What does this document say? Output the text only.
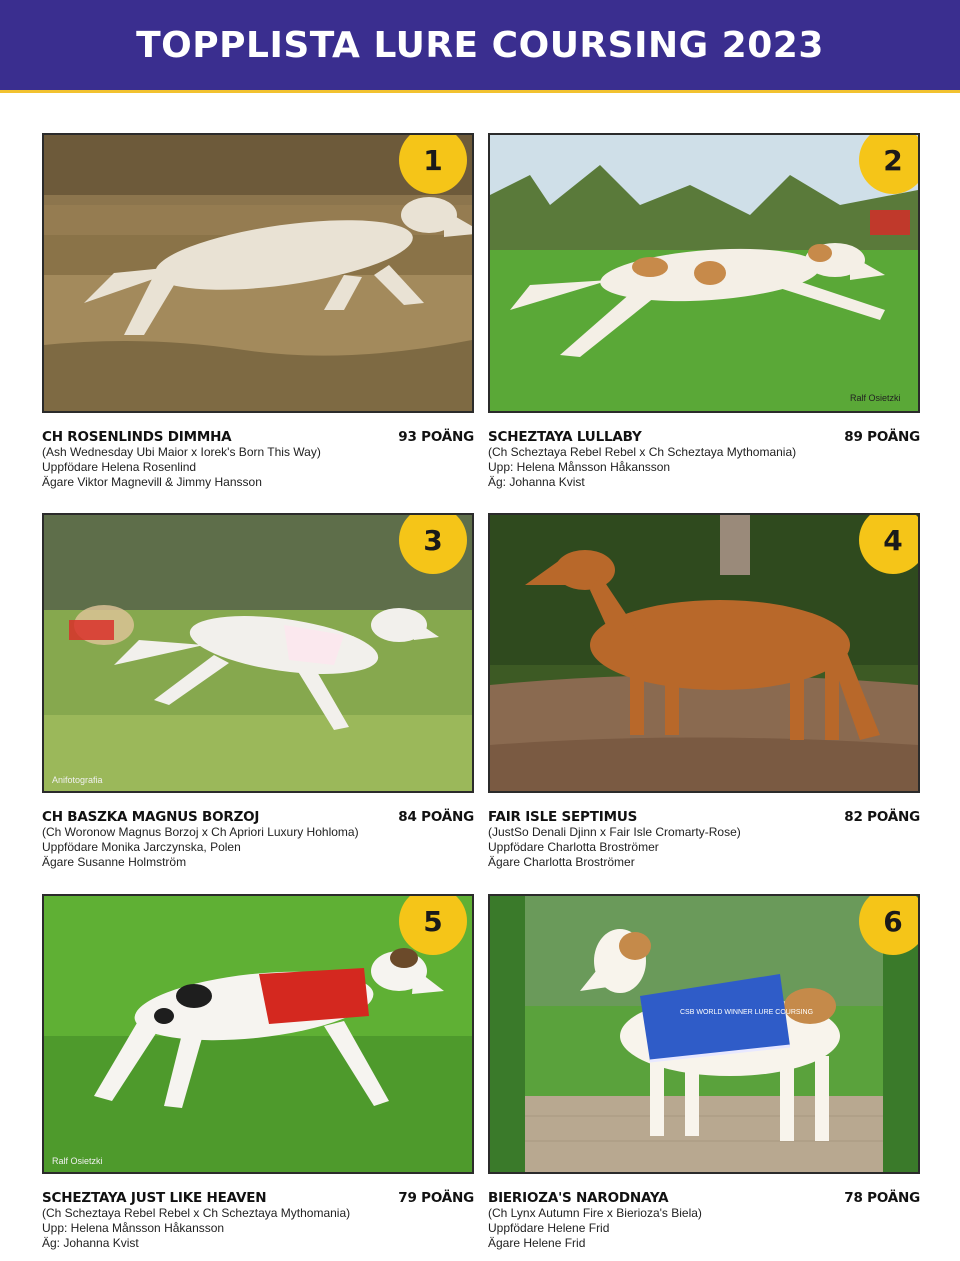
TOPPLISTA LURE COURSING 2023
1
CH ROSENLINDS DIMMHA	93 POÄNG
(Ash Wednesday Ubi Maior x Iorek's Born This Way)
Uppfödare Helena Rosenlind
Ägare Viktor Magnevill & Jimmy Hansson
Ralf Osietzki
2
SCHEZTAYA LULLABY	89 POÄNG
(Ch Scheztaya Rebel Rebel x Ch Scheztaya Mythomania)
Upp: Helena Månsson Håkansson
Äg: Johanna Kvist
Anifotografia
3
CH BASZKA MAGNUS BORZOJ	84 POÄNG
(Ch Woronow Magnus Borzoj x Ch Apriori Luxury Hohloma)
Uppfödare Monika Jarczynska, Polen
Ägare Susanne Holmström
4
FAIR ISLE SEPTIMUS	82 POÄNG
(JustSo Denali Djinn x Fair Isle Cromarty-Rose)
Uppfödare Charlotta Broströmer
Ägare Charlotta Broströmer
Ralf Osietzki
5
SCHEZTAYA JUST LIKE HEAVEN	79 POÄNG
(Ch Scheztaya Rebel Rebel x Ch Scheztaya Mythomania)
Upp: Helena Månsson Håkansson
Äg: Johanna Kvist
CSB WORLD WINNER LURE COURSING
6
BIERIOZA'S NARODNAYA	78 POÄNG
(Ch Lynx Autumn Fire x Bierioza's Biela)
Uppfödare Helene Frid
Ägare Helene Frid
